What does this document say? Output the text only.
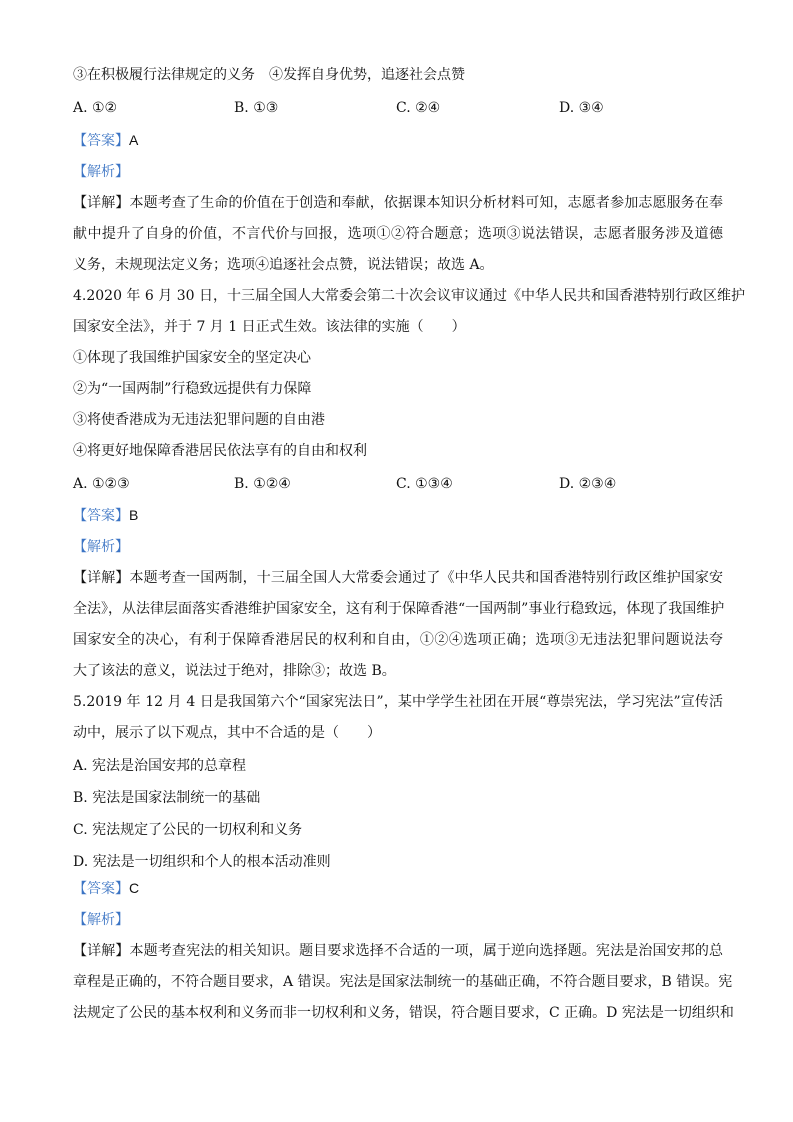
③在积极履行法律规定的义务　④发挥自身优势，追逐社会点赞
A. ①②	B. ①③	C. ②④	D. ③④
【答案】A
【解析】
【详解】本题考查了生命的价值在于创造和奉献，依据课本知识分析材料可知，志愿者参加志愿服务在奉
献中提升了自身的价值，不言代价与回报，选项①②符合题意；选项③说法错误，志愿者服务涉及道德
义务，未规现法定义务；选项④追逐社会点赞，说法错误；故选 A。
4.2020 年 6 月 30 日，十三届全国人大常委会第二十次会议审议通过《中华人民共和国香港特别行政区维护
国家安全法》，并于 7 月 1 日正式生效。该法律的实施（　　）
①体现了我国维护国家安全的坚定决心
②为“一国两制”行稳致远提供有力保障
③将使香港成为无违法犯罪问题的自由港
④将更好地保障香港居民依法享有的自由和权利
A. ①②③	B. ①②④	C. ①③④	D. ②③④
【答案】B
【解析】
【详解】本题考查一国两制，十三届全国人大常委会通过了《中华人民共和国香港特别行政区维护国家安
全法》，从法律层面落实香港维护国家安全，这有利于保障香港“一国两制”事业行稳致远，体现了我国维护
国家安全的决心，有利于保障香港居民的权利和自由，①②④选项正确；选项③无违法犯罪问题说法夸
大了该法的意义，说法过于绝对，排除③；故选 B。
5.2019 年 12 月 4 日是我国第六个“国家宪法日”，某中学学生社团在开展“尊崇宪法，学习宪法”宣传活
动中，展示了以下观点，其中不合适的是（　　）
A. 宪法是治国安邦的总章程
B. 宪法是国家法制统一的基础
C. 宪法规定了公民的一切权利和义务
D. 宪法是一切组织和个人的根本活动准则
【答案】C
【解析】
【详解】本题考查宪法的相关知识。题目要求选择不合适的一项，属于逆向选择题。宪法是治国安邦的总
章程是正确的，不符合题目要求，A 错误。宪法是国家法制统一的基础正确，不符合题目要求，B 错误。宪
法规定了公民的基本权利和义务而非一切权利和义务，错误，符合题目要求，C 正确。D 宪法是一切组织和
